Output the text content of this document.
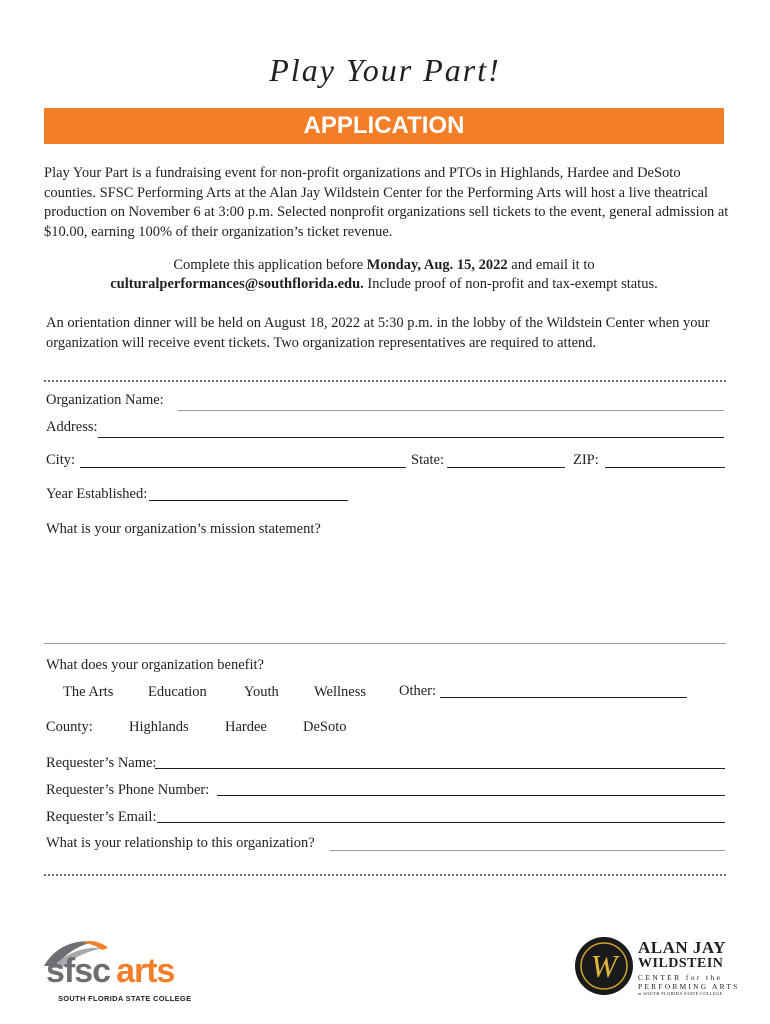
Play Your Part!
APPLICATION
Play Your Part is a fundraising event for non-profit organizations and PTOs in Highlands, Hardee and DeSoto counties. SFSC Performing Arts at the Alan Jay Wildstein Center for the Performing Arts will host a live theatrical production on November 6 at 3:00 p.m. Selected nonprofit organizations sell tickets to the event, general admission at $10.00, earning 100% of their organization’s ticket revenue.
Complete this application before Monday, Aug. 15, 2022 and email it to
culturalperformances@southflorida.edu. Include proof of non-profit and tax-exempt status.
An orientation dinner will be held on August 18, 2022 at 5:30 p.m. in the lobby of the Wildstein Center when your organization will receive event tickets. Two organization representatives are required to attend.
Organization Name:
Address:
City:	State:	ZIP:
Year Established:
What is your organization’s mission statement?
What does your organization benefit?
The Arts Education	Youth Wellness Other:
County:	Highlands	Hardee DeSoto
Requester’s Name:
Requester’s Phone Number:
Requester’s Email:
What is your relationship to this organization?
sfsc arts
SOUTH FLORIDA STATE COLLEGE
W
ALAN JAY
WILDSTEIN
CENTER for the
PERFORMING ARTS
at SOUTH FLORIDA STATE COLLEGE
